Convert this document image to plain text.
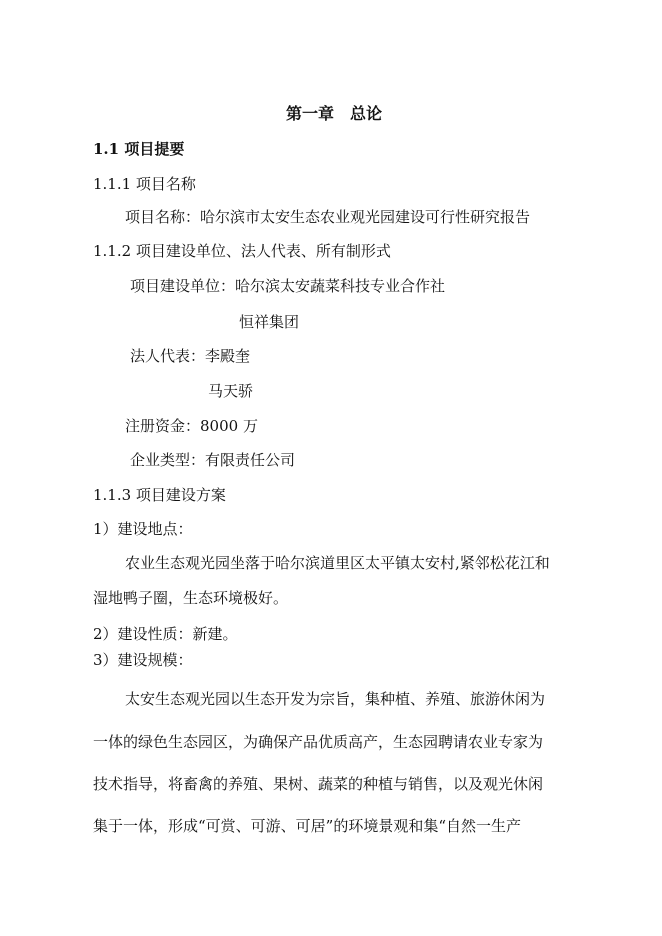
第一章　总论
1.1 项目提要
1.1.1 项目名称
项目名称：哈尔滨市太安生态农业观光园建设可行性研究报告
1.1.2 项目建设单位、法人代表、所有制形式
项目建设单位：哈尔滨太安蔬菜科技专业合作社
恒祥集团
法人代表：李殿奎
马天骄
注册资金：8000 万
企业类型：有限责任公司
1.1.3 项目建设方案
1）建设地点：
农业生态观光园坐落于哈尔滨道里区太平镇太安村,紧邻松花江和
湿地鸭子圈，生态环境极好。
2）建设性质：新建。
3）建设规模：
太安生态观光园以生态开发为宗旨，集种植、养殖、旅游休闲为
一体的绿色生态园区，为确保产品优质高产，生态园聘请农业专家为
技术指导，将畜禽的养殖、果树、蔬菜的种植与销售，以及观光休闲
集于一体，形成“可赏、可游、可居”的环境景观和集“自然一生产
